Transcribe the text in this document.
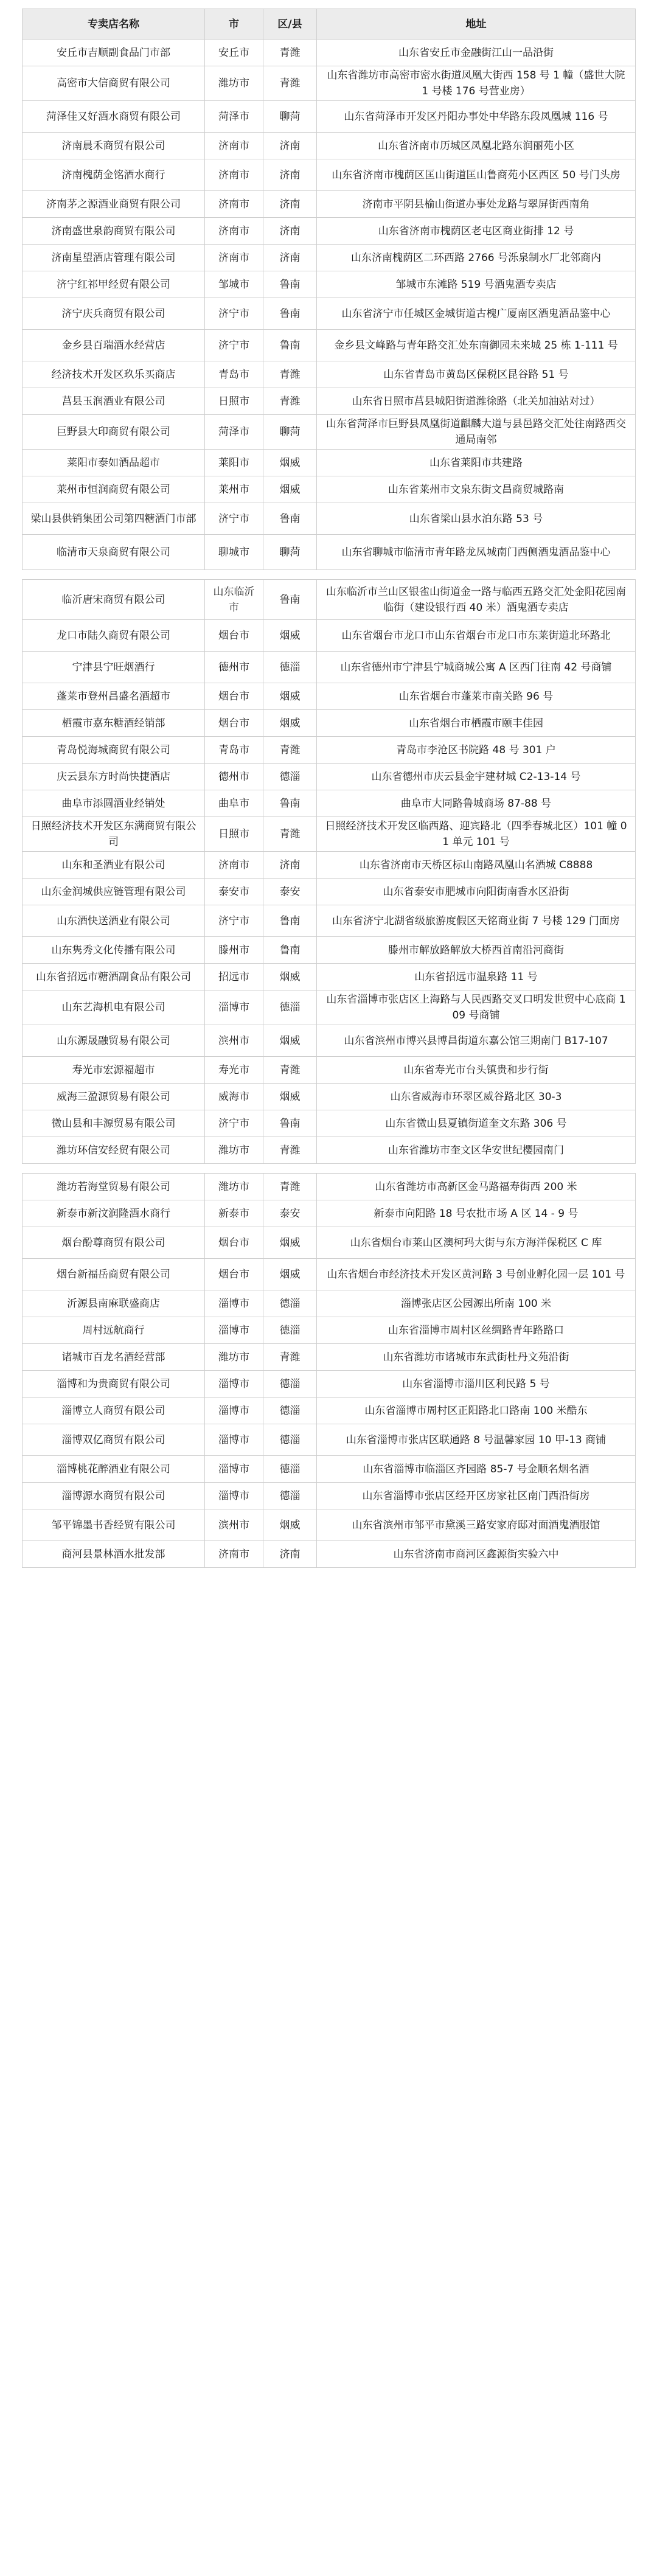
专卖店名称	市	区/县	地址
安丘市吉顺副食品门市部	安丘市	青潍	山东省安丘市金融街江山一品沿街
高密市大信商贸有限公司	潍坊市	青潍	山东省潍坊市高密市密水街道凤凰大街西 158 号 1 幢（盛世大院 1 号楼 176 号营业房）
菏泽佳又好酒水商贸有限公司	菏泽市	聊菏	山东省菏泽市开发区丹阳办事处中华路东段凤凰城 116 号
济南晨禾商贸有限公司	济南市	济南	山东省济南市历城区凤凰北路东润丽苑小区
济南槐荫金铭酒水商行	济南市	济南	山东省济南市槐荫区匡山街道匡山鲁商苑小区西区 50 号门头房
济南茅之源酒业商贸有限公司	济南市	济南	济南市平阴县榆山街道办事处龙路与翠屏街西南角
济南盛世泉韵商贸有限公司	济南市	济南	山东省济南市槐荫区老屯区商业街排 12 号
济南星望酒店管理有限公司	济南市	济南	山东济南槐荫区二环西路 2766 号泺泉制水厂北邻商内
济宁红祁甲经贸有限公司	邹城市	鲁南	邹城市东滩路 519 号酒鬼酒专卖店
济宁庆兵商贸有限公司	济宁市	鲁南	山东省济宁市任城区金城街道古槐广厦南区酒鬼酒品鉴中心
金乡县百瑞酒水经营店	济宁市	鲁南	金乡县文峰路与青年路交汇处东南御园未来城 25 栋 1-111 号
经济技术开发区玖乐买商店	青岛市	青潍	山东省青岛市黄岛区保税区昆谷路 51 号
莒县玉润酒业有限公司	日照市	青潍	山东省日照市莒县城阳街道潍徐路（北关加油站对过）
巨野县大印商贸有限公司	菏泽市	聊菏	山东省菏泽市巨野县凤凰街道麒麟大道与县邑路交汇处往南路西交通局南邻
莱阳市泰如酒品超市	莱阳市	烟威	山东省莱阳市共建路
莱州市恒润商贸有限公司	莱州市	烟威	山东省莱州市文泉东街文昌商贸城路南
梁山县供销集团公司第四糖酒门市部	济宁市	鲁南	山东省梁山县水泊东路 53 号
临清市天泉商贸有限公司	聊城市	聊菏	山东省聊城市临清市青年路龙凤城南门西侧酒鬼酒品鉴中心

临沂唐宋商贸有限公司	山东临沂市	鲁南	山东临沂市兰山区银雀山街道金一路与临西五路交汇处金阳花园南临街（建设银行西 40 米）酒鬼酒专卖店
龙口市陆久商贸有限公司	烟台市	烟威	山东省烟台市龙口市山东省烟台市龙口市东莱街道北环路北
宁津县宁旺烟酒行	德州市	德淄	山东省德州市宁津县宁城商城公寓 A 区西门往南 42 号商铺
蓬莱市登州昌盛名酒超市	烟台市	烟威	山东省烟台市蓬莱市南关路 96 号
栖霞市嘉东糖酒经销部	烟台市	烟威	山东省烟台市栖霞市颐丰佳园
青岛悦海城商贸有限公司	青岛市	青潍	青岛市李沧区书院路 48 号 301 户
庆云县东方时尚快捷酒店	德州市	德淄	山东省德州市庆云县金宇建材城 C2-13-14 号
曲阜市添圆酒业经销处	曲阜市	鲁南	曲阜市大同路鲁城商场 87-88 号
日照经济技术开发区东满商贸有限公司	日照市	青潍	日照经济技术开发区临西路、迎宾路北（四季春城北区）101 幢 01 单元 101 号
山东和圣酒业有限公司	济南市	济南	山东省济南市天桥区标山南路凤凰山名酒城 C8888
山东金润城供应链管理有限公司	泰安市	泰安	山东省泰安市肥城市向阳街南香水区沿街
山东酒快送酒业有限公司	济宁市	鲁南	山东省济宁北湖省级旅游度假区天铭商业街 7 号楼 129 门面房
山东隽秀文化传播有限公司	滕州市	鲁南	滕州市解放路解放大桥西首南沿河商街
山东省招远市糖酒副食品有限公司	招远市	烟威	山东省招远市温泉路 11 号
山东艺海机电有限公司	淄博市	德淄	山东省淄博市张店区上海路与人民西路交叉口明发世贸中心底商 109 号商铺
山东源晟融贸易有限公司	滨州市	烟威	山东省滨州市博兴县博昌街道东嘉公馆三期南门 B17-107
寿光市宏源福超市	寿光市	青潍	山东省寿光市台头镇贵和步行街
威海三盈源贸易有限公司	威海市	烟威	山东省威海市环翠区威谷路北区 30-3
微山县和丰源贸易有限公司	济宁市	鲁南	山东省微山县夏镇街道奎文东路 306 号
潍坊环信安经贸有限公司	潍坊市	青潍	山东省潍坊市奎文区华安世纪樱园南门

潍坊若海堂贸易有限公司	潍坊市	青潍	山东省潍坊市高新区金马路福寿街西 200 米
新泰市新汶润隆酒水商行	新泰市	泰安	新泰市向阳路 18 号农批市场 A 区 14 - 9 号
烟台酚尊商贸有限公司	烟台市	烟威	山东省烟台市莱山区澳柯玛大街与东方海洋保税区 C 库
烟台新福岳商贸有限公司	烟台市	烟威	山东省烟台市经济技术开发区黄河路 3 号创业孵化园一层 101 号
沂源县南麻联盛商店	淄博市	德淄	淄博张店区公园源出所南 100 米
周村远航商行	淄博市	德淄	山东省淄博市周村区丝绸路青年路路口
诸城市百龙名酒经营部	潍坊市	青潍	山东省潍坊市诸城市东武街杜丹文苑沿街
淄博和为贵商贸有限公司	淄博市	德淄	山东省淄博市淄川区利民路 5 号
淄博立人商贸有限公司	淄博市	德淄	山东省淄博市周村区正阳路北口路南 100 米酷东
淄博双亿商贸有限公司	淄博市	德淄	山东省淄博市张店区联通路 8 号温馨家园 10 甲-13 商铺
淄博桃花醉酒业有限公司	淄博市	德淄	山东省淄博市临淄区齐园路 85-7 号金顺名烟名酒
淄博源水商贸有限公司	淄博市	德淄	山东省淄博市张店区经开区房家社区南门西沿街房
邹平锦墨书香经贸有限公司	滨州市	烟威	山东省滨州市邹平市黛溪三路安家府邸对面酒鬼酒服馆
商河县景林酒水批发部	济南市	济南	山东省济南市商河区鑫源街实验六中
